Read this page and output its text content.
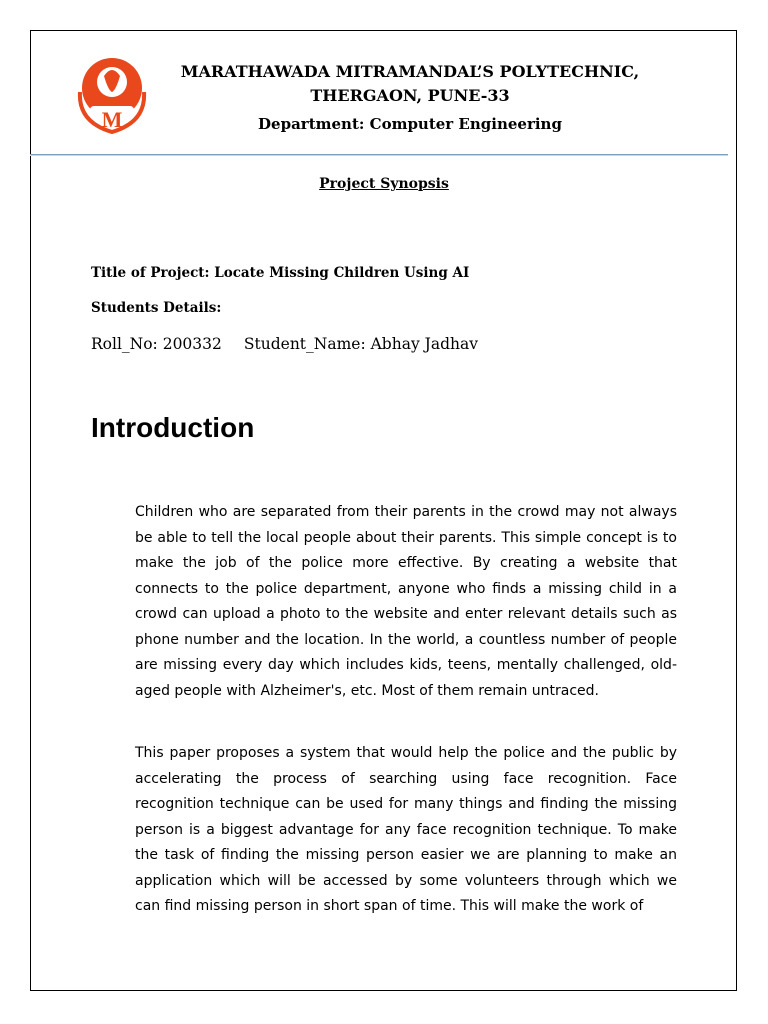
M
MARATHAWADA MITRAMANDAL’S POLYTECHNIC,
THERGAON, PUNE-33
Department: Computer Engineering
Project Synopsis
Title of Project: Locate Missing Children Using AI
Students Details:
Roll_No: 200332 Student_Name: Abhay Jadhav
Introduction

Children who are separated from their parents in the crowd may not always be able to tell the local people about their parents. This simple concept is to make the job of the police more effective. By creating a website that connects to the police department, anyone who finds a missing child in a crowd can upload a photo to the website and enter relevant details such as phone number and the location. In the world, a countless number of people are missing every day which includes kids, teens, mentally challenged, old-aged people with Alzheimer's, etc. Most of them remain untraced.

This paper proposes a system that would help the police and the public by accelerating the process of searching using face recognition. Face recognition technique can be used for many things and finding the missing person is a biggest advantage for any face recognition technique. To make the task of finding the missing person easier we are planning to make an application which will be accessed by some volunteers through which we can find missing person in short span of time. This will make the work of
